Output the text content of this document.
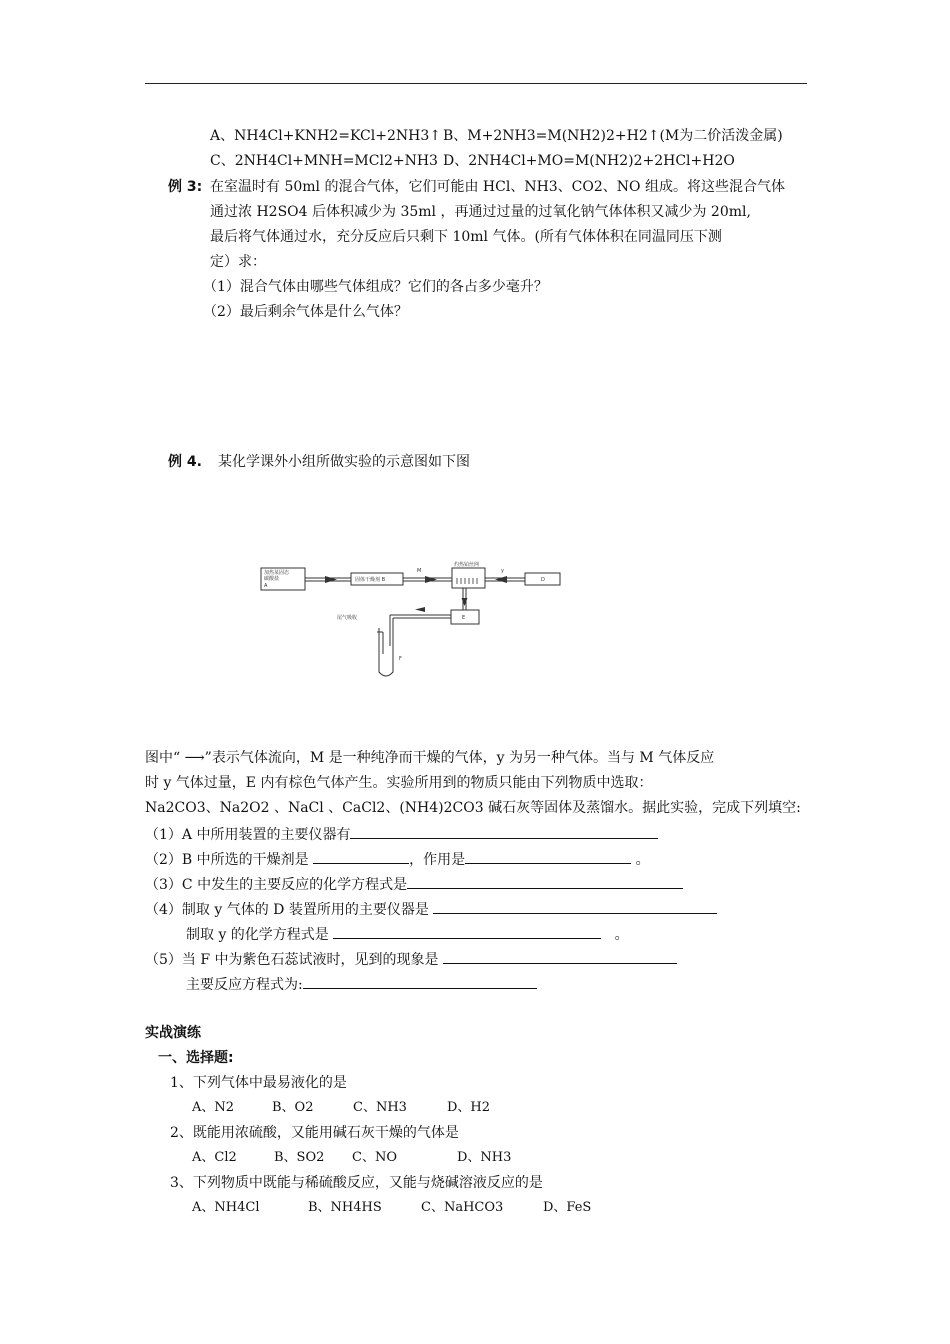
A、NH4Cl+KNH2=KCl+2NH3↑ B、M+2NH3=M(NH2)2+H2↑(M为二价活泼金属)
C、2NH4Cl+MNH=MCl2+NH3 D、2NH4Cl+MO=M(NH2)2+2HCl+H2O
例 3: 在室温时有 50ml 的混合气体，它们可能由 HCl、NH3、CO2、NO 组成。将这些混合气体
通过浓 H2SO4 后体积减少为 35ml ，再通过过量的过氧化钠气体体积又减少为 20ml,
最后将气体通过水，充分反应后只剩下 10ml 气体。(所有气体体积在同温同压下测
定）求：
（1）混合气体由哪些气体组成？它们的各占多少毫升？
（2）最后剩余气体是什么气体？
例 4. 某化学课外小组所做实验的示意图如下图
加热某固态
碳酸盐
A
固体干燥剂 B
灼热铂丝网
D
E
M	y
尾气吸收
F
图中“ ⟶”表示气体流向，M 是一种纯净而干燥的气体，y 为另一种气体。当与 M 气体反应
时 y 气体过量，E 内有棕色气体产生。实验所用到的物质只能由下列物质中选取：
Na2CO3、Na2O2 、NaCl 、CaCl2、(NH4)2CO3 碱石灰等固体及蒸馏水。据此实验，完成下列填空:
（1）A 中所用装置的主要仪器有
（2）B 中所选的干燥剂是	，作用是	。
（3）C 中发生的主要反应的化学方程式是
（4）制取 y 气体的 D 装置所用的主要仪器是
制取 y 的化学方程式是	。
（5）当 F 中为紫色石蕊试液时，见到的现象是
主要反应方程式为:
实战演练
一、选择题:
1、下列气体中最易液化的是
A、N2	B、O2	C、NH3	D、H2
2、既能用浓硫酸，又能用碱石灰干燥的气体是
A、Cl2	B、SO2 C、NO	D、NH3
3、下列物质中既能与稀硫酸反应，又能与烧碱溶液反应的是
A、NH4Cl	B、NH4HS	C、NaHCO3	D、FeS
